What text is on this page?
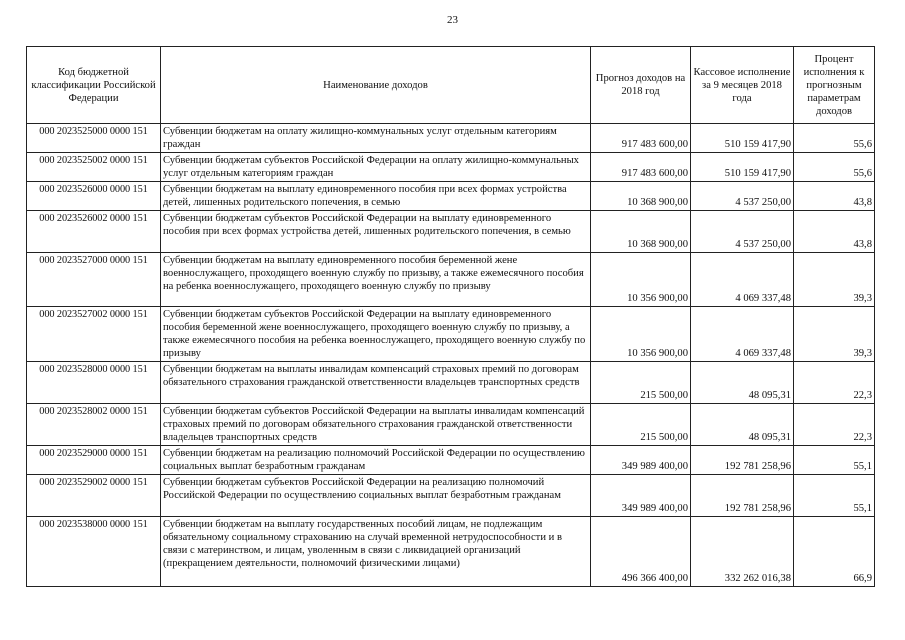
23
Код бюджетной классификации Российской Федерации	Наименование доходов	Прогноз доходов на 2018 год	Кассовое исполнение за 9 месяцев 2018 года	Процент исполнения к прогнозным параметрам доходов
000 2023525000 0000 151	Субвенции бюджетам на оплату жилищно-коммунальных услуг отдельным категориям граждан	917 483 600,00	510 159 417,90	55,6
000 2023525002 0000 151	Субвенции бюджетам субъектов Российской Федерации на оплату жилищно-коммунальных услуг отдельным категориям граждан	917 483 600,00	510 159 417,90	55,6
000 2023526000 0000 151	Субвенции бюджетам на выплату единовременного пособия при всех формах устройства детей, лишенных родительского попечения, в семью	10 368 900,00	4 537 250,00	43,8
000 2023526002 0000 151	Субвенции бюджетам субъектов Российской Федерации на выплату единовременного пособия при всех формах устройства детей, лишенных родительского попечения, в семью	10 368 900,00	4 537 250,00	43,8
000 2023527000 0000 151	Субвенции бюджетам на выплату единовременного пособия беременной жене военнослужащего, проходящего военную службу по призыву, а также ежемесячного пособия на ребенка военнослужащего, проходящего военную службу по призыву	10 356 900,00	4 069 337,48	39,3
000 2023527002 0000 151	Субвенции бюджетам субъектов Российской Федерации на выплату единовременного пособия беременной жене военнослужащего, проходящего военную службу по призыву, а также ежемесячного пособия на ребенка военнослужащего, проходящего военную службу по призыву	10 356 900,00	4 069 337,48	39,3
000 2023528000 0000 151	Субвенции бюджетам на выплаты инвалидам компенсаций страховых премий по договорам обязательного страхования гражданской ответственности владельцев транспортных средств	215 500,00	48 095,31	22,3
000 2023528002 0000 151	Субвенции бюджетам субъектов Российской Федерации на выплаты инвалидам компенсаций страховых премий по договорам обязательного страхования гражданской ответственности владельцев транспортных средств	215 500,00	48 095,31	22,3
000 2023529000 0000 151	Субвенции бюджетам на реализацию полномочий Российской Федерации по осуществлению социальных выплат безработным гражданам	349 989 400,00	192 781 258,96	55,1
000 2023529002 0000 151	Субвенции бюджетам субъектов Российской Федерации на реализацию полномочий Российской Федерации по осуществлению социальных выплат безработным гражданам	349 989 400,00	192 781 258,96	55,1
000 2023538000 0000 151	Субвенции бюджетам на выплату государственных пособий лицам, не подлежащим обязательному социальному страхованию на случай временной нетрудоспособности и в связи с материнством, и лицам, уволенным в связи с ликвидацией организаций (прекращением деятельности, полномочий физическими лицами)	496 366 400,00	332 262 016,38	66,9
